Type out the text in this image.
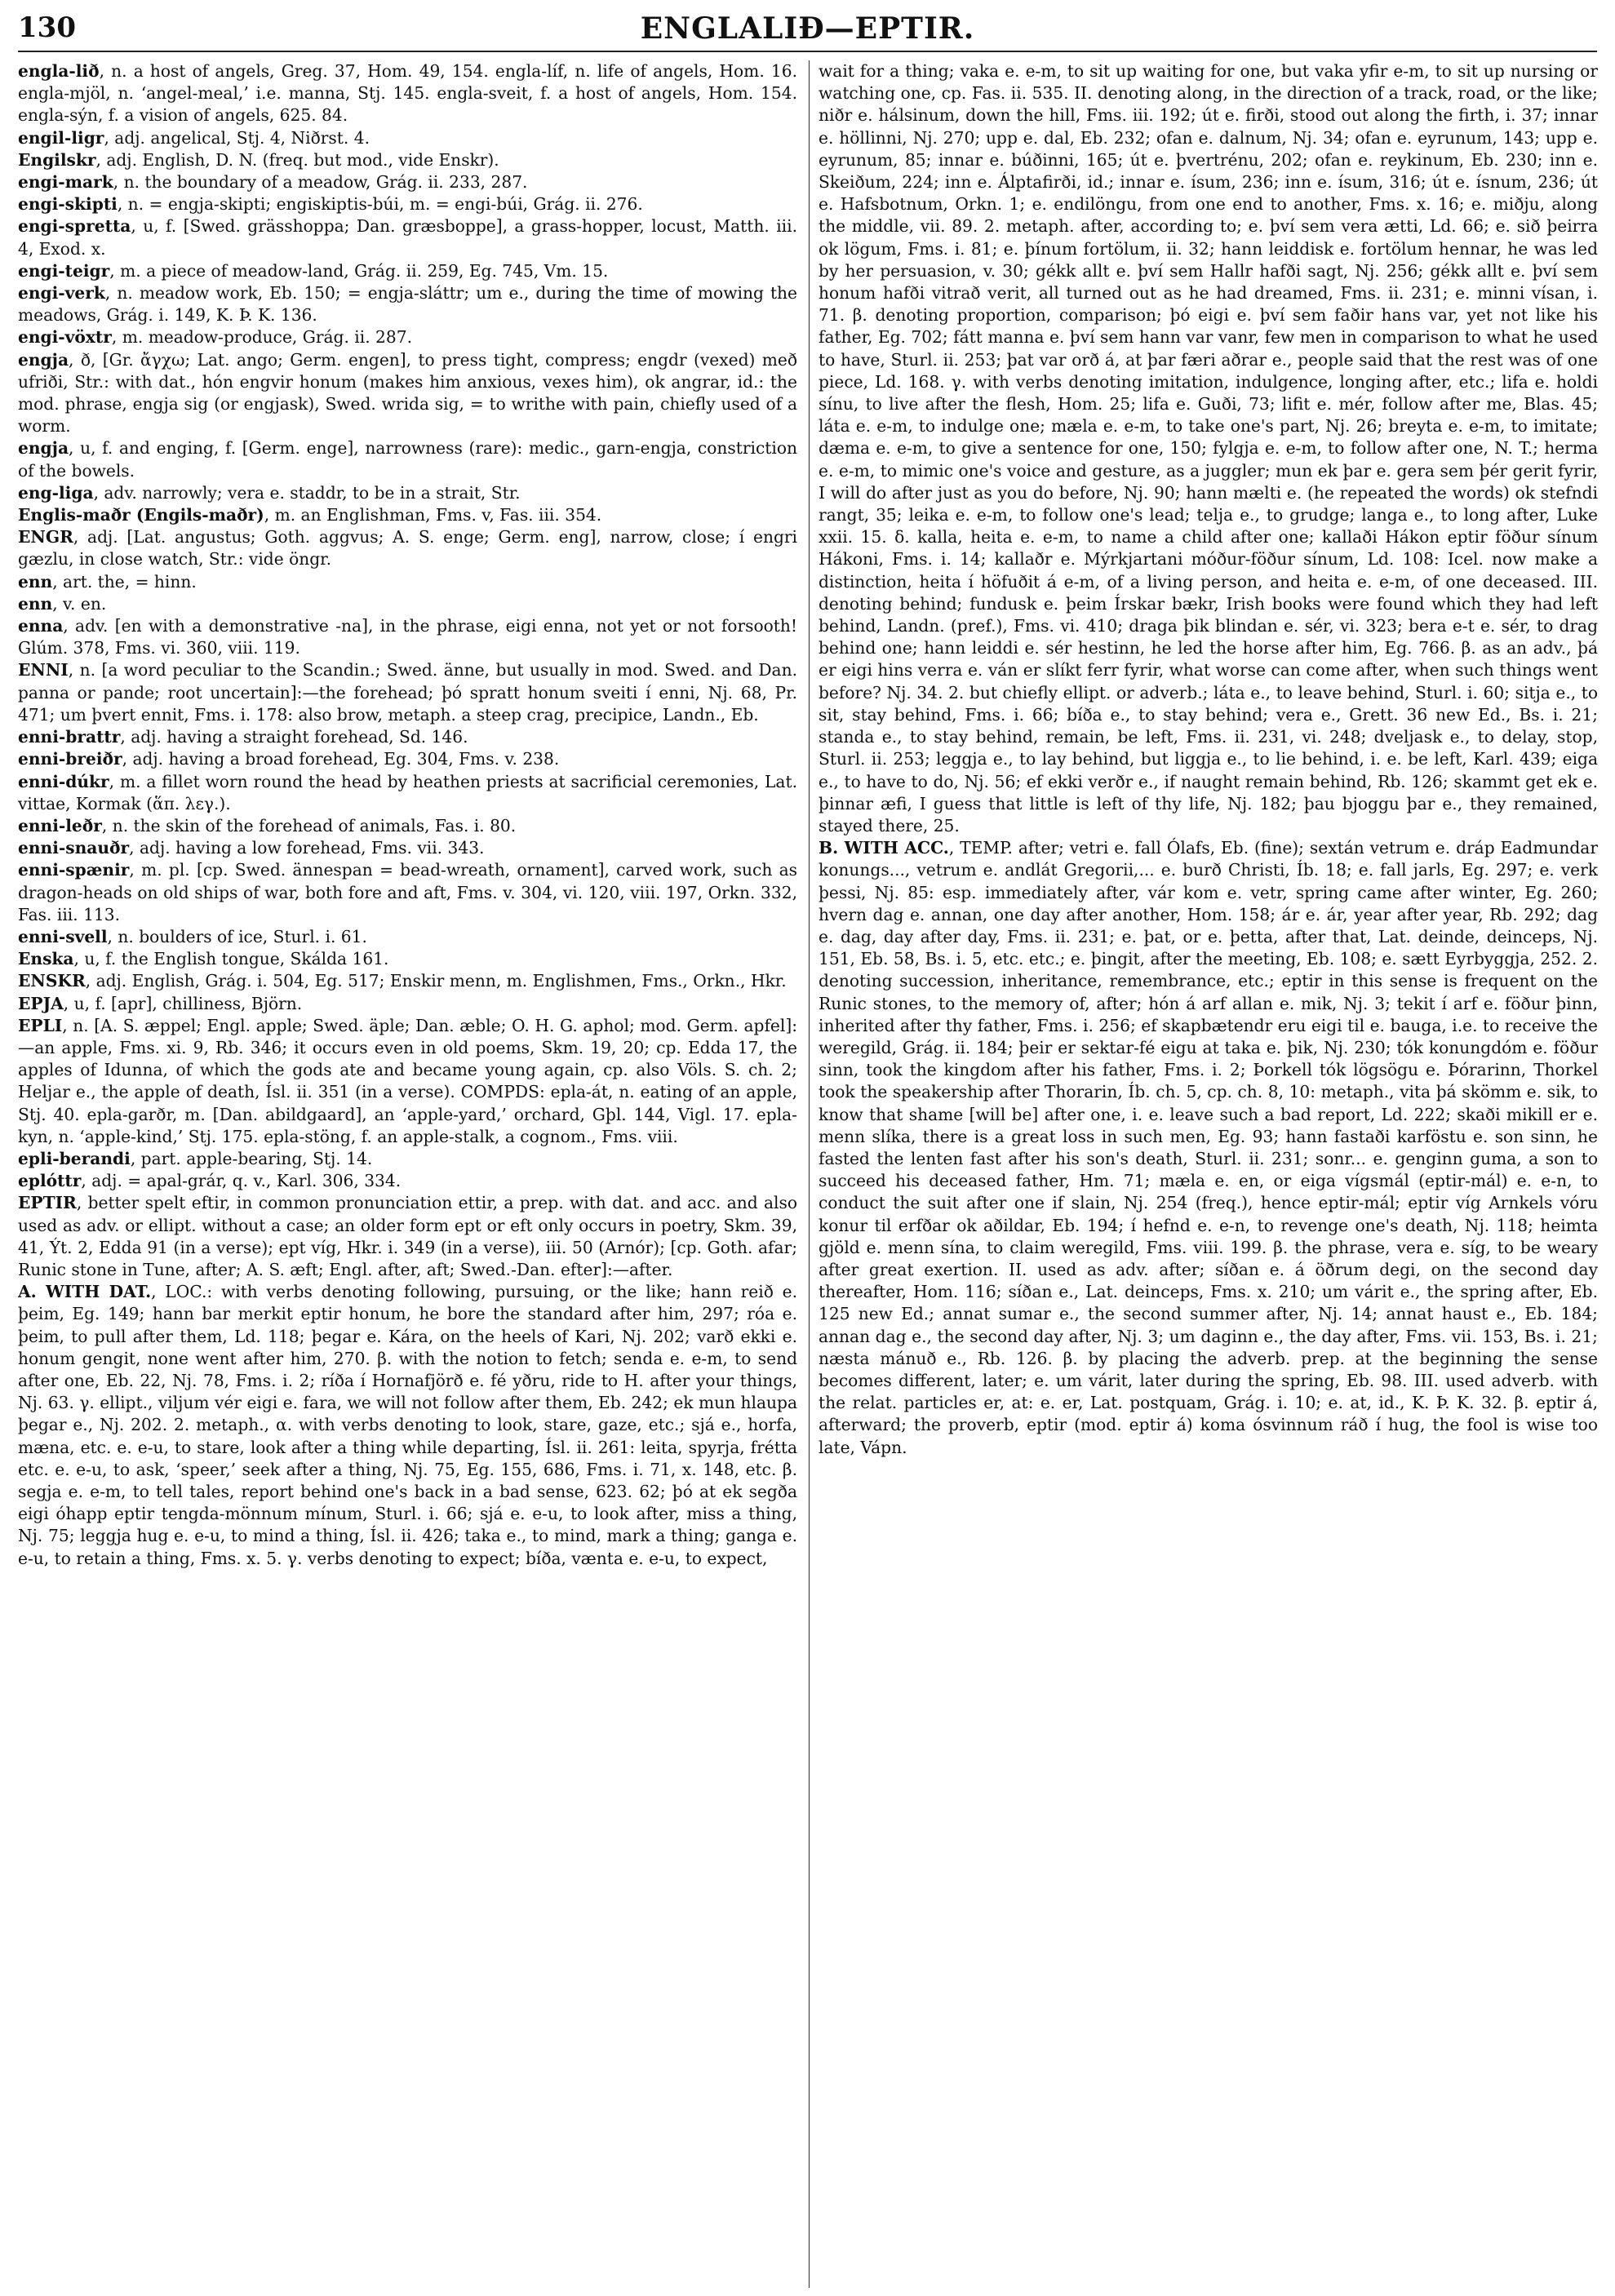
130	ENGLALIÐ—EPTIR.

engla-lið, n. a host of angels, Greg. 37, Hom. 49, 154. engla-líf, n. life of angels, Hom. 16. engla-mjöl, n. ‘angel-meal,’ i.e. manna, Stj. 145. engla-sveit, f. a host of angels, Hom. 154. engla-sýn, f. a vision of angels, 625. 84.

engil-ligr, adj. angelical, Stj. 4, Niðrst. 4.

Engilskr, adj. English, D. N. (freq. but mod., vide Enskr).

engi-mark, n. the boundary of a meadow, Grág. ii. 233, 287.

engi-skipti, n. = engja-skipti; engiskiptis-búi, m. = engi-búi, Grág. ii. 276.

engi-spretta, u, f. [Swed. grässhoppa; Dan. græsboppe], a grass-hopper, locust, Matth. iii. 4, Exod. x.

engi-teigr, m. a piece of meadow-land, Grág. ii. 259, Eg. 745, Vm. 15.

engi-verk, n. meadow work, Eb. 150; = engja-sláttr; um e., during the time of mowing the meadows, Grág. i. 149, K. Þ. K. 136.

engi-vöxtr, m. meadow-produce, Grág. ii. 287.

engja, ð, [Gr. ἄγχω; Lat. ango; Germ. engen], to press tight, compress; engdr (vexed) með ufriði, Str.: with dat., hón engvir honum (makes him anxious, vexes him), ok angrar, id.: the mod. phrase, engja sig (or engjask), Swed. wrida sig, = to writhe with pain, chiefly used of a worm.

engja, u, f. and enging, f. [Germ. enge], narrowness (rare): medic., garn-engja, constriction of the bowels.

eng-liga, adv. narrowly; vera e. staddr, to be in a strait, Str.

Englis-maðr (Engils-maðr), m. an Englishman, Fms. v, Fas. iii. 354.

ENGR, adj. [Lat. angustus; Goth. aggvus; A. S. enge; Germ. eng], narrow, close; í engri gæzlu, in close watch, Str.: vide öngr.

enn, art. the, = hinn.

enn, v. en.

enna, adv. [en with a demonstrative -na], in the phrase, eigi enna, not yet or not forsooth! Glúm. 378, Fms. vi. 360, viii. 119.

ENNI, n. [a word peculiar to the Scandin.; Swed. änne, but usually in mod. Swed. and Dan. panna or pande; root uncertain]:—the forehead; þó spratt honum sveiti í enni, Nj. 68, Pr. 471; um þvert ennit, Fms. i. 178: also brow, metaph. a steep crag, precipice, Landn., Eb.

enni-brattr, adj. having a straight forehead, Sd. 146.

enni-breiðr, adj. having a broad forehead, Eg. 304, Fms. v. 238.

enni-dúkr, m. a fillet worn round the head by heathen priests at sacrificial ceremonies, Lat. vittae, Kormak (ἅπ. λεγ.).

enni-leðr, n. the skin of the forehead of animals, Fas. i. 80.

enni-snauðr, adj. having a low forehead, Fms. vii. 343.

enni-spænir, m. pl. [cp. Swed. ännespan = bead-wreath, ornament], carved work, such as dragon-heads on old ships of war, both fore and aft, Fms. v. 304, vi. 120, viii. 197, Orkn. 332, Fas. iii. 113.

enni-svell, n. boulders of ice, Sturl. i. 61.

Enska, u, f. the English tongue, Skálda 161.

ENSKR, adj. English, Grág. i. 504, Eg. 517; Enskir menn, m. Englishmen, Fms., Orkn., Hkr.

EPJA, u, f. [apr], chilliness, Björn.

EPLI, n. [A. S. æppel; Engl. apple; Swed. äple; Dan. æble; O. H. G. aphol; mod. Germ. apfel]:—an apple, Fms. xi. 9, Rb. 346; it occurs even in old poems, Skm. 19, 20; cp. Edda 17, the apples of Idunna, of which the gods ate and became young again, cp. also Völs. S. ch. 2; Heljar e., the apple of death, Ísl. ii. 351 (in a verse). COMPDS: epla-át, n. eating of an apple, Stj. 40. epla-garðr, m. [Dan. abildgaard], an ‘apple-yard,’ orchard, Gþl. 144, Vigl. 17. epla-kyn, n. ‘apple-kind,’ Stj. 175. epla-stöng, f. an apple-stalk, a cognom., Fms. viii.

epli-berandi, part. apple-bearing, Stj. 14.

eplóttr, adj. = apal-grár, q. v., Karl. 306, 334.

EPTIR, better spelt eftir, in common pronunciation ettir, a prep. with dat. and acc. and also used as adv. or ellipt. without a case; an older form ept or eft only occurs in poetry, Skm. 39, 41, Ýt. 2, Edda 91 (in a verse); ept víg, Hkr. i. 349 (in a verse), iii. 50 (Arnór); [cp. Goth. afar; Runic stone in Tune, after; A. S. æft; Engl. after, aft; Swed.-Dan. efter]:—after.

A. WITH DAT., LOC.: with verbs denoting following, pursuing, or the like; hann reið e. þeim, Eg. 149; hann bar merkit eptir honum, he bore the standard after him, 297; róa e. þeim, to pull after them, Ld. 118; þegar e. Kára, on the heels of Kari, Nj. 202; varð ekki e. honum gengit, none went after him, 270. β. with the notion to fetch; senda e. e-m, to send after one, Eb. 22, Nj. 78, Fms. i. 2; ríða í Hornafjörð e. fé yðru, ride to H. after your things, Nj. 63. γ. ellipt., viljum vér eigi e. fara, we will not follow after them, Eb. 242; ek mun hlaupa þegar e., Nj. 202. 2. metaph., α. with verbs denoting to look, stare, gaze, etc.; sjá e., horfa, mæna, etc. e. e-u, to stare, look after a thing while departing, Ísl. ii. 261: leita, spyrja, frétta etc. e. e-u, to ask, ‘speer,’ seek after a thing, Nj. 75, Eg. 155, 686, Fms. i. 71, x. 148, etc. β. segja e. e-m, to tell tales, report behind one's back in a bad sense, 623. 62; þó at ek segða eigi óhapp eptir tengda-mönnum mínum, Sturl. i. 66; sjá e. e-u, to look after, miss a thing, Nj. 75; leggja hug e. e-u, to mind a thing, Ísl. ii. 426; taka e., to mind, mark a thing; ganga e. e-u, to retain a thing, Fms. x. 5. γ. verbs denoting to expect; bíða, vænta e. e-u, to expect,

wait for a thing; vaka e. e-m, to sit up waiting for one, but vaka yfir e-m, to sit up nursing or watching one, cp. Fas. ii. 535. II. denoting along, in the direction of a track, road, or the like; niðr e. hálsinum, down the hill, Fms. iii. 192; út e. firði, stood out along the firth, i. 37; innar e. höllinni, Nj. 270; upp e. dal, Eb. 232; ofan e. dalnum, Nj. 34; ofan e. eyrunum, 143; upp e. eyrunum, 85; innar e. búðinni, 165; út e. þvertrénu, 202; ofan e. reykinum, Eb. 230; inn e. Skeiðum, 224; inn e. Álptafirði, id.; innar e. ísum, 236; inn e. ísum, 316; út e. ísnum, 236; út e. Hafsbotnum, Orkn. 1; e. endilöngu, from one end to another, Fms. x. 16; e. miðju, along the middle, vii. 89. 2. metaph. after, according to; e. því sem vera ætti, Ld. 66; e. sið þeirra ok lögum, Fms. i. 81; e. þínum fortölum, ii. 32; hann leiddisk e. fortölum hennar, he was led by her persuasion, v. 30; gékk allt e. því sem Hallr hafði sagt, Nj. 256; gékk allt e. því sem honum hafði vitrað verit, all turned out as he had dreamed, Fms. ii. 231; e. minni vísan, i. 71. β. denoting proportion, comparison; þó eigi e. því sem faðir hans var, yet not like his father, Eg. 702; fátt manna e. því sem hann var vanr, few men in comparison to what he used to have, Sturl. ii. 253; þat var orð á, at þar færi aðrar e., people said that the rest was of one piece, Ld. 168. γ. with verbs denoting imitation, indulgence, longing after, etc.; lifa e. holdi sínu, to live after the flesh, Hom. 25; lifa e. Guði, 73; lifit e. mér, follow after me, Blas. 45; láta e. e-m, to indulge one; mæla e. e-m, to take one's part, Nj. 26; breyta e. e-m, to imitate; dæma e. e-m, to give a sentence for one, 150; fylgja e. e-m, to follow after one, N. T.; herma e. e-m, to mimic one's voice and gesture, as a juggler; mun ek þar e. gera sem þér gerit fyrir, I will do after just as you do before, Nj. 90; hann mælti e. (he repeated the words) ok stefndi rangt, 35; leika e. e-m, to follow one's lead; telja e., to grudge; langa e., to long after, Luke xxii. 15. δ. kalla, heita e. e-m, to name a child after one; kallaði Hákon eptir föður sínum Hákoni, Fms. i. 14; kallaðr e. Mýrkjartani móður-föður sínum, Ld. 108: Icel. now make a distinction, heita í höfuðit á e-m, of a living person, and heita e. e-m, of one deceased. III. denoting behind; fundusk e. þeim Írskar bækr, Irish books were found which they had left behind, Landn. (pref.), Fms. vi. 410; draga þik blindan e. sér, vi. 323; bera e-t e. sér, to drag behind one; hann leiddi e. sér hestinn, he led the horse after him, Eg. 766. β. as an adv., þá er eigi hins verra e. ván er slíkt ferr fyrir, what worse can come after, when such things went before? Nj. 34. 2. but chiefly ellipt. or adverb.; láta e., to leave behind, Sturl. i. 60; sitja e., to sit, stay behind, Fms. i. 66; bíða e., to stay behind; vera e., Grett. 36 new Ed., Bs. i. 21; standa e., to stay behind, remain, be left, Fms. ii. 231, vi. 248; dveljask e., to delay, stop, Sturl. ii. 253; leggja e., to lay behind, but liggja e., to lie behind, i. e. be left, Karl. 439; eiga e., to have to do, Nj. 56; ef ekki verðr e., if naught remain behind, Rb. 126; skammt get ek e. þinnar æfi, I guess that little is left of thy life, Nj. 182; þau bjoggu þar e., they remained, stayed there, 25.

B. WITH ACC., TEMP. after; vetri e. fall Ólafs, Eb. (fine); sextán vetrum e. dráp Eadmundar konungs..., vetrum e. andlát Gregorii,... e. burð Christi, Íb. 18; e. fall jarls, Eg. 297; e. verk þessi, Nj. 85: esp. immediately after, vár kom e. vetr, spring came after winter, Eg. 260; hvern dag e. annan, one day after another, Hom. 158; ár e. ár, year after year, Rb. 292; dag e. dag, day after day, Fms. ii. 231; e. þat, or e. þetta, after that, Lat. deinde, deinceps, Nj. 151, Eb. 58, Bs. i. 5, etc. etc.; e. þingit, after the meeting, Eb. 108; e. sætt Eyrbyggja, 252. 2. denoting succession, inheritance, remembrance, etc.; eptir in this sense is frequent on the Runic stones, to the memory of, after; hón á arf allan e. mik, Nj. 3; tekit í arf e. föður þinn, inherited after thy father, Fms. i. 256; ef skapbætendr eru eigi til e. bauga, i.e. to receive the weregild, Grág. ii. 184; þeir er sektar-fé eigu at taka e. þik, Nj. 230; tók konungdóm e. föður sinn, took the kingdom after his father, Fms. i. 2; Þorkell tók lögsögu e. Þórarinn, Thorkel took the speakership after Thorarin, Íb. ch. 5, cp. ch. 8, 10: metaph., vita þá skömm e. sik, to know that shame [will be] after one, i. e. leave such a bad report, Ld. 222; skaði mikill er e. menn slíka, there is a great loss in such men, Eg. 93; hann fastaði karföstu e. son sinn, he fasted the lenten fast after his son's death, Sturl. ii. 231; sonr... e. genginn guma, a son to succeed his deceased father, Hm. 71; mæla e. en, or eiga vígsmál (eptir-mál) e. e-n, to conduct the suit after one if slain, Nj. 254 (freq.), hence eptir-mál; eptir víg Arnkels vóru konur til erfðar ok aðildar, Eb. 194; í hefnd e. e-n, to revenge one's death, Nj. 118; heimta gjöld e. menn sína, to claim weregild, Fms. viii. 199. β. the phrase, vera e. síg, to be weary after great exertion. II. used as adv. after; síðan e. á öðrum degi, on the second day thereafter, Hom. 116; síðan e., Lat. deinceps, Fms. x. 210; um várit e., the spring after, Eb. 125 new Ed.; annat sumar e., the second summer after, Nj. 14; annat haust e., Eb. 184; annan dag e., the second day after, Nj. 3; um daginn e., the day after, Fms. vii. 153, Bs. i. 21; næsta mánuð e., Rb. 126. β. by placing the adverb. prep. at the beginning the sense becomes different, later; e. um várit, later during the spring, Eb. 98. III. used adverb. with the relat. particles er, at: e. er, Lat. postquam, Grág. i. 10; e. at, id., K. Þ. K. 32. β. eptir á, afterward; the proverb, eptir (mod. eptir á) koma ósvinnum ráð í hug, the fool is wise too late, Vápn.
